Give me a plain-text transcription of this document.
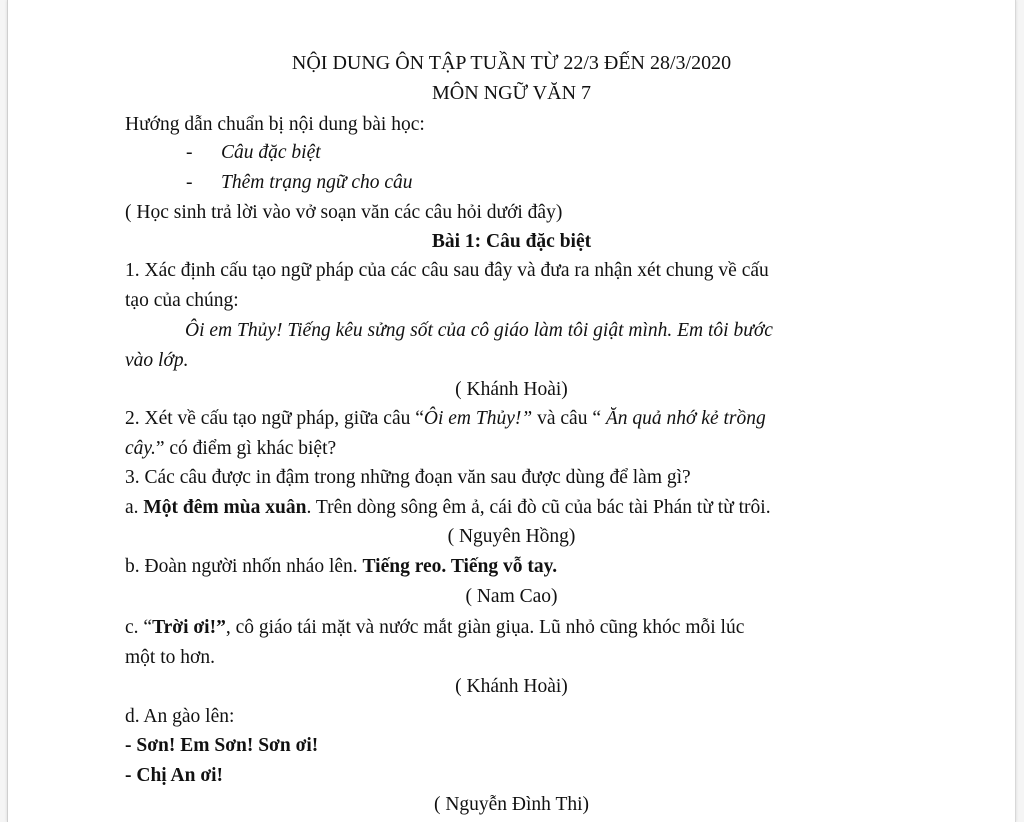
NỘI DUNG ÔN TẬP TUẦN TỪ 22/3 ĐẾN 28/3/2020
MÔN NGỮ VĂN 7
Hướng dẫn chuẩn bị nội dung bài học:
- Câu đặc biệt
- Thêm trạng ngữ cho câu
( Học sinh trả lời vào vở soạn văn các câu hỏi dưới đây)
Bài 1: Câu đặc biệt
1. Xác định cấu tạo ngữ pháp của các câu sau đây và đưa ra nhận xét chung về cấu
tạo của chúng:
Ôi em Thủy! Tiếng kêu sửng sốt của cô giáo làm tôi giật mình. Em tôi bước
vào lớp.
( Khánh Hoài)
2. Xét về cấu tạo ngữ pháp, giữa câu “Ôi em Thủy!” và câu “ Ăn quả nhớ kẻ trồng
cây.” có điểm gì khác biệt?
3. Các câu được in đậm trong những đoạn văn sau được dùng để làm gì?
a. Một đêm mùa xuân. Trên dòng sông êm ả, cái đò cũ của bác tài Phán từ từ trôi.
( Nguyên Hồng)
b. Đoàn người nhốn nháo lên. Tiếng reo. Tiếng vỗ tay.
( Nam Cao)
c. “Trời ơi!”, cô giáo tái mặt và nước mắt giàn giụa. Lũ nhỏ cũng khóc mỗi lúc
một to hơn.
( Khánh Hoài)
d. An gào lên:
- Sơn! Em Sơn! Sơn ơi!
- Chị An ơi!
( Nguyễn Đình Thi)
